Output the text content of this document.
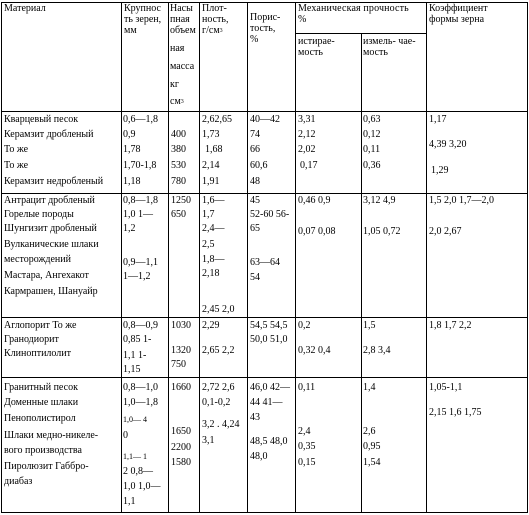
Материал	Крупнос
ть зерен,
мм
Насы
пная
объем
ная
масса
кг
$см^3$
Плот-
ность,
$г/см^3$
Порис-
тость,
%
Механическая прочность
%
истирае-
мость
измель- чае-
мость
Коэффициент
формы зерна
Кварцевый песок
Керамзит дробленый
То же
То же
Керамзит недробленый
0,6—1,8
0,9
1,78
1,70-1,8
1,18
400
380
530
780
2,62,65
1,73
1,68
2,14
1,91
40—42
74
66
60,6
48
3,31
2,12
2,02
0,17
0,63
0,12
0,11
0,36
1,17
4,39 3,20
1,29
Антрацит дробленый
Горелые породы
Шунгизит дробленый
Вулканические шлаки
месторождений
Мастара, Ангехакот
Кармрашен, Шануайр
0,8—1,8
1,0 1—
1,2
0,9—1,1
1—1,2
1250
650
1,6—
1,7
2,4—
2,5
1,8—
2,18
2,45 2,0
45
52-60 56-
65
63—64
54
0,46 0,9
0,07 0,08
3,12 4,9
1,05 0,72
1,5 2,0 1,7—2,0
2,0 2,67
Аглопорит То же
Гранодиорит
Клиноптилолит
0,8—0,9
0,85 1-
1,1 1-
1,15
1030
1320
750
2,29
2,65 2,2
54,5 54,5
50,0 51,0
0,2
0,32 0,4
1,5
2,8 3,4
1,8 1,7 2,2
Гранитный песок
Доменные шлаки
Пенополистирол
Шлаки медно-никеле-
вого производства
Пиролюзит Габбро-
диабаз
0,8—1,0
1,0—1,8
1,0— 4
0
1,1— 1
2 0,8—
1,0 1,0—
1,1
1660
1650
2200
1580
2,72 2,6
0,1-0,2
3,2 . 4,24
3,1
46,0 42—
44 41—
43
48,5 48,0
48,0
0,11
2,4
0,35
0,15
1,4
2,6
0,95
1,54
1,05-1,1
2,15 1,6 1,75
